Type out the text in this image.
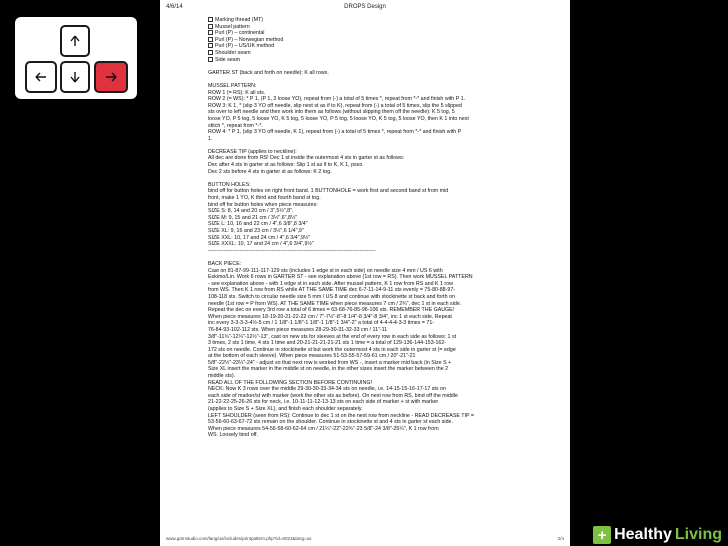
4/6/14	DROPS Design

Marking thread (MT)

Mussel pattern

Purl (P) – continental

Purl (P) – Norwegian method

Purl (P) – US/UK method

Shoulder seam

Side seam

GARTER ST (back and forth on needle): K all rows.

MUSSEL PATTERN:

ROW 1 (= RS): K all sts.

ROW 2 (= WS): * P 1, (P 1, 3 loose YO), repeat from (-) a total of 5 times *, repeat from *-* and finish with P 1.

ROW 3: K 1, * (slip 3 YO off needle, slip next st as if to K), repeat from (-) a total of 5 times, slip the 5 slipped

sts over to left needle and then work into them as follows (without slipping them off the needle): K 5 tog, 5

loose YO, P 5 tog, 5 loose YO, K 5 tog, 5 loose YO, P 5 tog, 5 loose YO, K 5 tog, 5 loose YO, then K 1 into next

stitch *, repeat from *-*.

ROW 4: * P 1, (slip 3 YO off needle, K 1), repeat from (-) a total of 5 times *, repeat from *-* and finish with P

1.

DECREASE TIP (applies to neckline):

All dec are done from RS! Dec 1 st inside the outermost 4 sts in garter st as follows:

Dec after 4 sts in garter st as follows: Slip 1 st as if to K, K 1, psso.

Dec 2 sts before 4 sts in garter st as follows: K 2 tog.

BUTTON HOLES:

bind off for button holes on right front band. 1 BUTTONHOLE = work first and second band st from mid

front, make 1 YO, K third and fourth band st tog.

bind off for button holes when piece measures:

SIZE S: 8, 14 and 20 cm / 3",5½",8".

SIZE M: 9, 15 and 21 cm / 3½",6",8½"

SIZE L: 10, 16 and 22 cm / 4",6 3/8",8 3/4"

SIZE XL: 9, 16 and 23 cm / 3½",6 1/4",9"

SIZE XXL: 10, 17 and 24 cm / 4",6 3/4",9½"

SIZE XXXL: 10, 17 and 24 cm / 4",6 3/4",9½"

-----------------------------------------------------------------------------------------------

BACK PIECE:

Cast on 81-87-99-111-117-129 sts (includes 1 edge st in each side) on needle size 4 mm / US 6 with

Eskimo/Lin. Work 6 rows in GARTER ST - see explanation above (1st row = RS). Then work MUSSEL PATTERN

- see explanation above - with 1 edge st in each side. After mussel pattern, K 1 row from RS and K 1 row

from WS. Then K 1 row from RS while AT THE SAME TIME dec 6-7-11-14-9-11 sts evenly = 75-80-88-97-

108-118 sts. Switch to circular needle size 5 mm / US 8 and continue with stockinette st back and forth on

needle (1st row = P from WS). AT THE SAME TIME when piece measures 7 cm / 2¾", dec 1 st in each side.

Repeat the dec on every 3rd row a total of 6 times = 63-68-76-85-96-106 sts. REMEMBER THE GAUGE!

When piece measures 18-19-20-21-22-22 cm / 7"-7½"-8"-8 1/4"-8 3/4"-8 3/4", inc 1 st each side. Repeat

inc every 3-3-3-3-4½-5 cm / 1 1/8"-1 1/8"-1 1/8"-1 1/8"-1 3/4"-2" a total of 4-4-4-4-3-3 times = 71-

76-84-93-102-112 sts. When piece measures 28-29-30-31-32-33 cm / 11"-11

3/8"-11¾"-12¼"-12½"-13", cast on new sts for sleeves at the end of every row in each side as follows: 1 st

3 times, 2 sts 1 time, 4 sts 1 time and 20-21-21-21-21-21 sts 1 time = a total of 129-136-144-153-162-

172 sts on needle. Continue in stockinette st but work the outermost 4 sts in each side in garter st (= edge

at the bottom of each sleeve). When piece measures 51-53-55-57-59-61 cm / 20"-21"-21

5/8"-22½"-23¼"-24" - adjust so that next row is worked from WS -, insert a marker mid back (in Size S +

Size XL insert the marker in the middle st on needle, in the other sizes insert the marker between the 2

middle sts).

READ ALL OF THE FOLLOWING SECTION BEFORE CONTINUING!

NECK: Now K 3 rows over the middle 29-30-30-33-34-34 sts on needle, i.e. 14-15-15-16-17-17 sts on

each side of marker/st with marker (work the other sts as before). On next row from RS, bind off the middle

21-22-22-25-26-26 sts for neck, i.e. 10-11-11-12-13-13 sts on each side of marker + st with marker

(applies to Size S + Size XL), and finish each shoulder separately.

LEFT SHOULDER (seen from RS): Continue to dec 1 st on the next row from neckline - READ DECREASE TIP =

53-56-60-63-67-72 sts remain on the shoulder. Continue in stockinette st and 4 sts in garter st each side.

When piece measures 54-56-58-60-62-64 cm / 21¼"-22"-22¾"-23 5/8"-24 3/8"-25¼", K 1 row from

WS. Loosely bind off.

www.garnstudio.com/lang/us/includes/printpattern.php?id=5023&lang=us	2/4	+ Healthy Living
